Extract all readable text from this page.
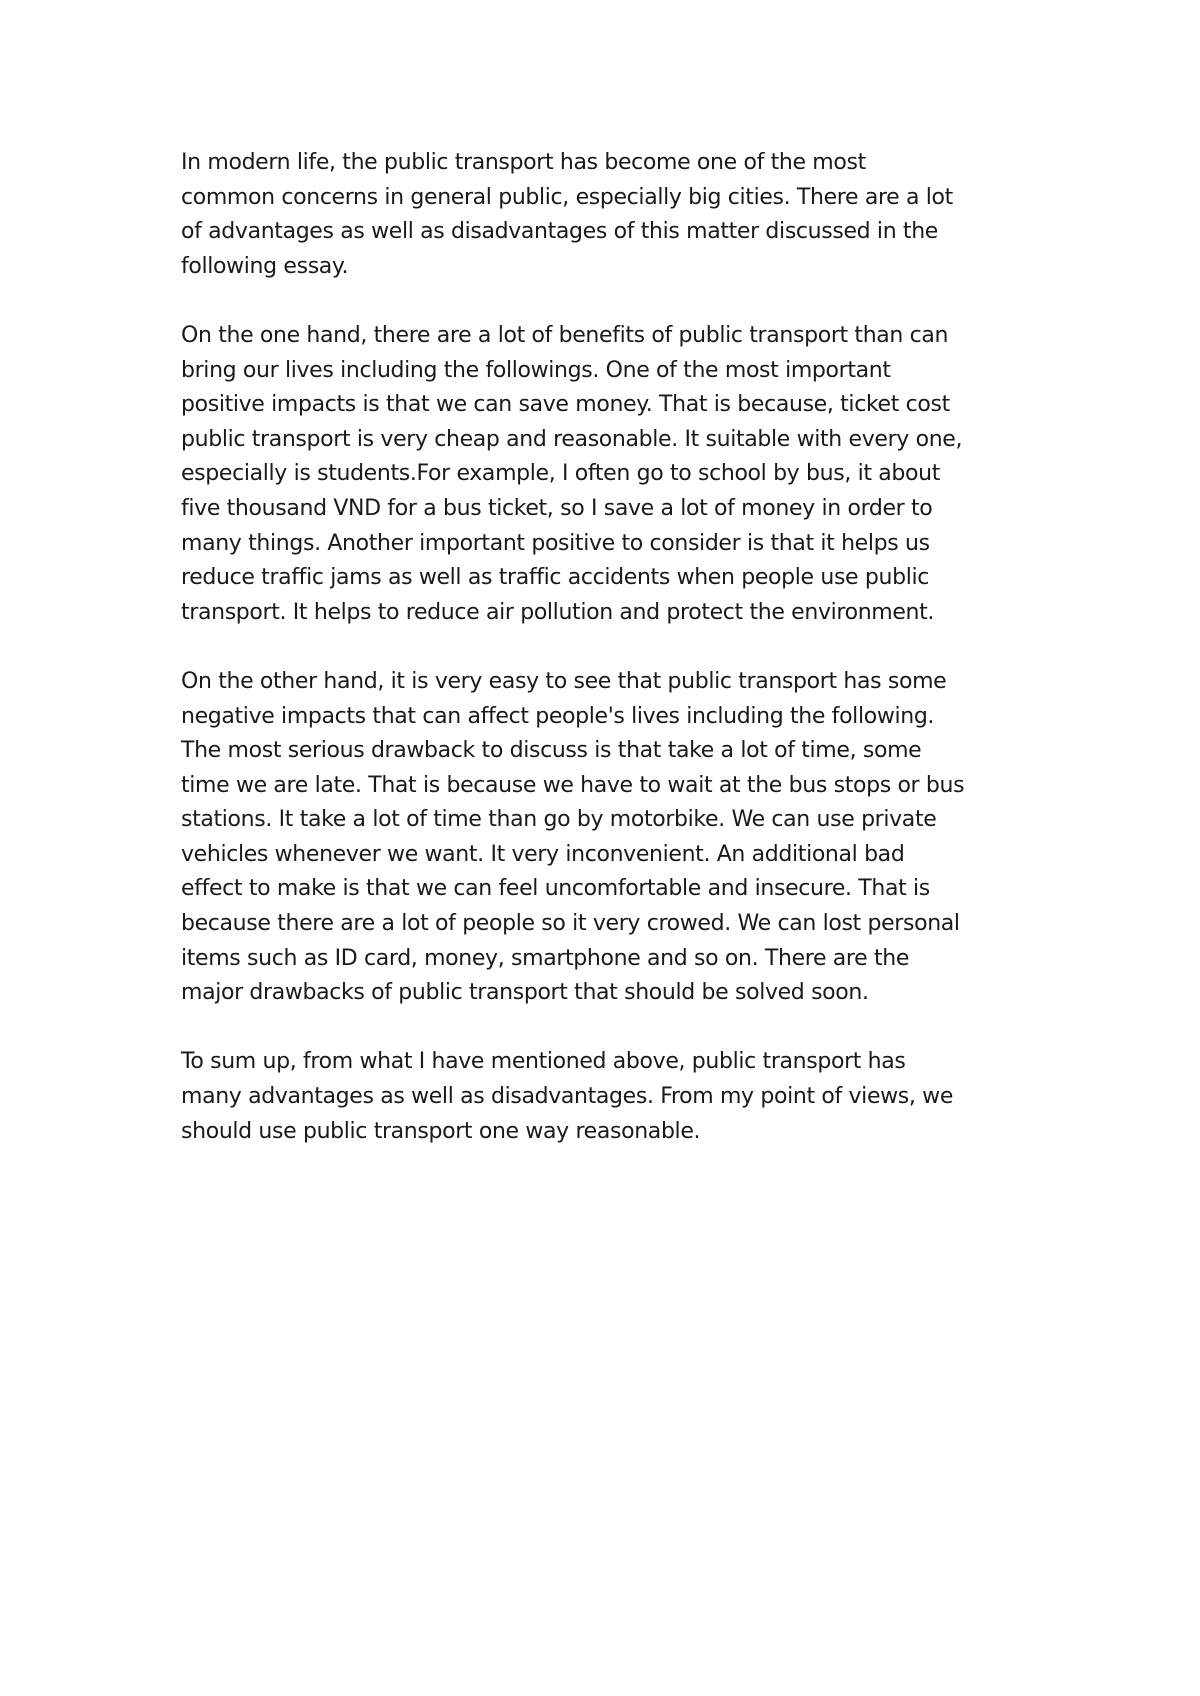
In modern life, the public transport has become one of the most
common concerns in general public, especially big cities. There are a lot
of advantages as well as disadvantages of this matter discussed in the
following essay.
On the one hand, there are a lot of benefits of public transport than can
bring our lives including the followings. One of the most important
positive impacts is that we can save money. That is because, ticket cost
public transport is very cheap and reasonable. It suitable with every one,
especially is students.For example, I often go to school by bus, it about
five thousand VND for a bus ticket, so I save a lot of money in order to
many things. Another important positive to consider is that it helps us
reduce traffic jams as well as traffic accidents when people use public
transport. It helps to reduce air pollution and protect the environment.
On the other hand, it is very easy to see that public transport has some
negative impacts that can affect people's lives including the following.
The most serious drawback to discuss is that take a lot of time, some
time we are late. That is because we have to wait at the bus stops or bus
stations. It take a lot of time than go by motorbike. We can use private
vehicles whenever we want. It very inconvenient. An additional bad
effect to make is that we can feel uncomfortable and insecure. That is
because there are a lot of people so it very crowed. We can lost personal
items such as ID card, money, smartphone and so on. There are the
major drawbacks of public transport that should be solved soon.
To sum up, from what I have mentioned above, public transport has
many advantages as well as disadvantages. From my point of views, we
should use public transport one way reasonable.
